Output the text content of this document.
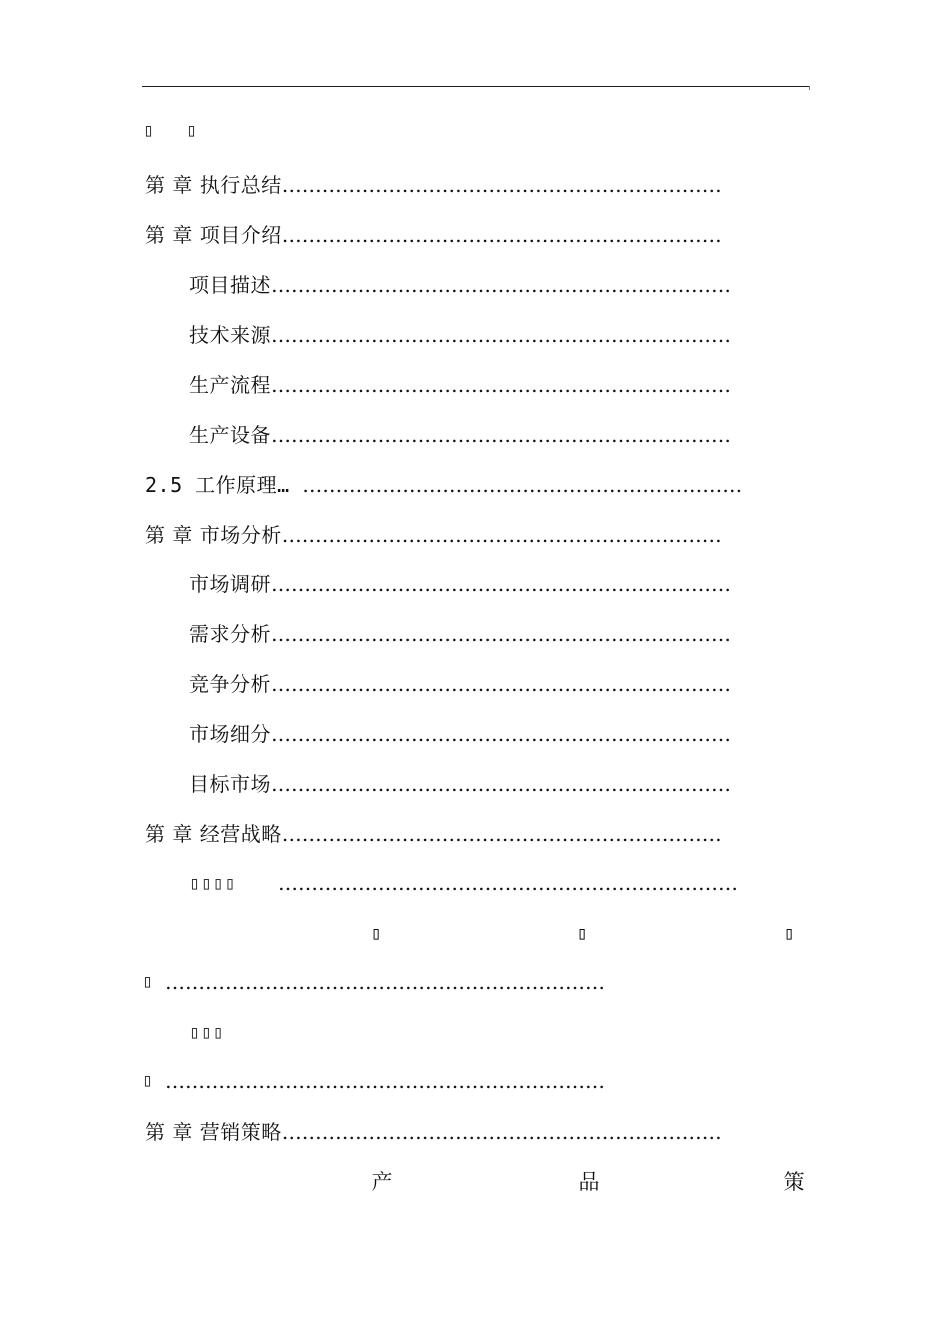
▯ ▯
第 章 执行总结…………………………………………………………
第 章 项目介绍…………………………………………………………
项目描述……………………………………………………………
技术来源……………………………………………………………
生产流程……………………………………………………………
生产设备……………………………………………………………
2.5 工作原理… …………………………………………………………
第 章 市场分析…………………………………………………………
市场调研……………………………………………………………
需求分析……………………………………………………………
竞争分析……………………………………………………………
市场细分……………………………………………………………
目标市场……………………………………………………………
第 章 经营战略…………………………………………………………
▯▯▯▯ ……………………………………………………………
▯	▯	▯
▯ …………………………………………………………
▯▯▯
▯ …………………………………………………………
第 章 营销策略…………………………………………………………
产	品	策
